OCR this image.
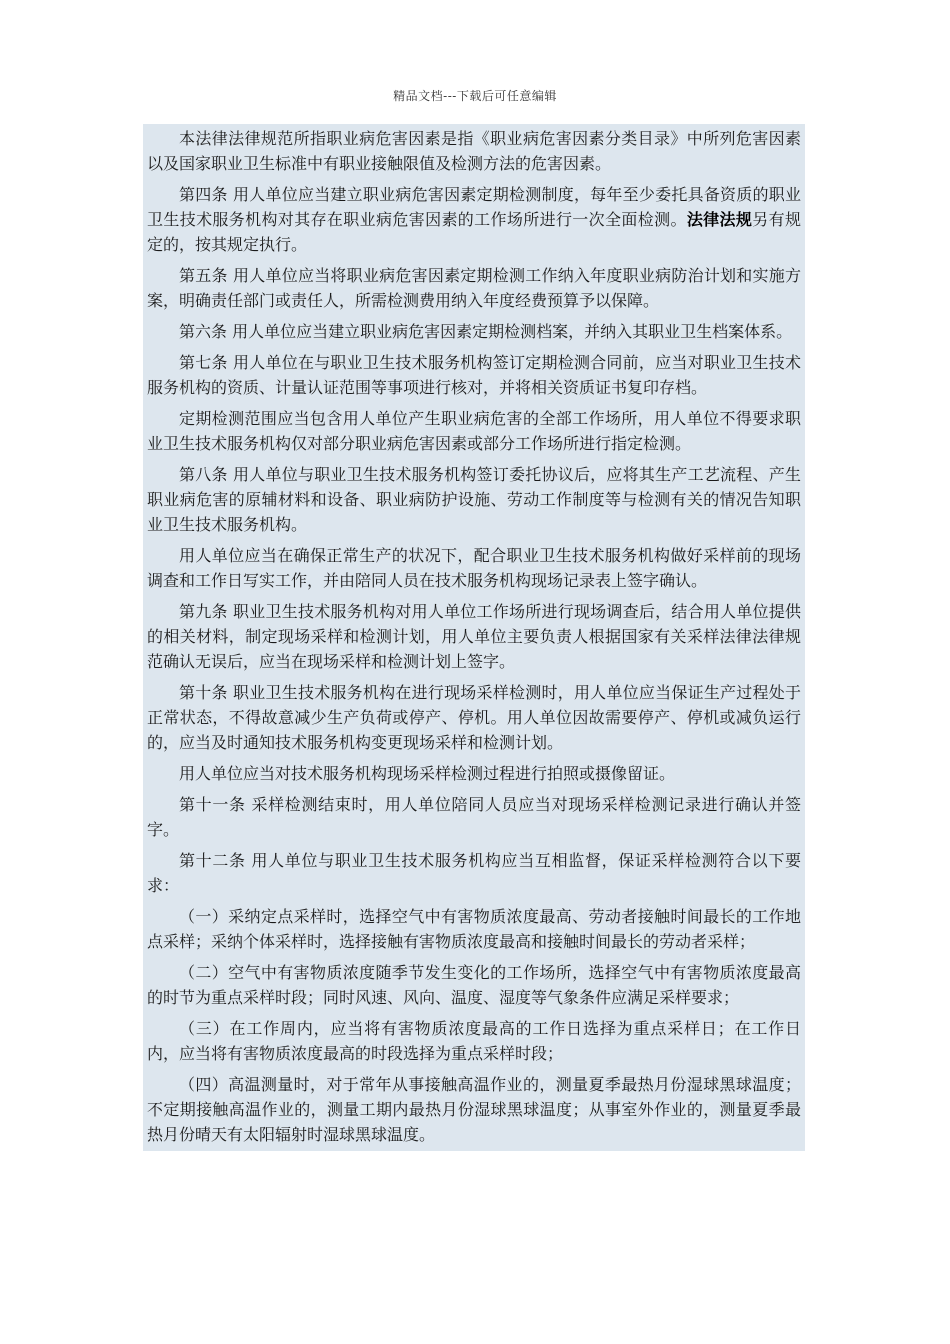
精品文档---下载后可任意编辑

本法律法律规范所指职业病危害因素是指《职业病危害因素分类目录》中所列危害因素以及国家职业卫生标准中有职业接触限值及检测方法的危害因素。

第四条 用人单位应当建立职业病危害因素定期检测制度，每年至少委托具备资质的职业卫生技术服务机构对其存在职业病危害因素的工作场所进行一次全面检测。法律法规另有规定的，按其规定执行。

第五条 用人单位应当将职业病危害因素定期检测工作纳入年度职业病防治计划和实施方案，明确责任部门或责任人，所需检测费用纳入年度经费预算予以保障。

第六条 用人单位应当建立职业病危害因素定期检测档案，并纳入其职业卫生档案体系。

第七条 用人单位在与职业卫生技术服务机构签订定期检测合同前，应当对职业卫生技术服务机构的资质、计量认证范围等事项进行核对，并将相关资质证书复印存档。

定期检测范围应当包含用人单位产生职业病危害的全部工作场所，用人单位不得要求职业卫生技术服务机构仅对部分职业病危害因素或部分工作场所进行指定检测。

第八条 用人单位与职业卫生技术服务机构签订委托协议后，应将其生产工艺流程、产生职业病危害的原辅材料和设备、职业病防护设施、劳动工作制度等与检测有关的情况告知职业卫生技术服务机构。

用人单位应当在确保正常生产的状况下，配合职业卫生技术服务机构做好采样前的现场调查和工作日写实工作，并由陪同人员在技术服务机构现场记录表上签字确认。

第九条 职业卫生技术服务机构对用人单位工作场所进行现场调查后，结合用人单位提供的相关材料，制定现场采样和检测计划，用人单位主要负责人根据国家有关采样法律法律规范确认无误后，应当在现场采样和检测计划上签字。

第十条 职业卫生技术服务机构在进行现场采样检测时，用人单位应当保证生产过程处于正常状态，不得故意减少生产负荷或停产、停机。用人单位因故需要停产、停机或减负运行的，应当及时通知技术服务机构变更现场采样和检测计划。

用人单位应当对技术服务机构现场采样检测过程进行拍照或摄像留证。

第十一条 采样检测结束时，用人单位陪同人员应当对现场采样检测记录进行确认并签字。

第十二条 用人单位与职业卫生技术服务机构应当互相监督，保证采样检测符合以下要求：

（一）采纳定点采样时，选择空气中有害物质浓度最高、劳动者接触时间最长的工作地点采样；采纳个体采样时，选择接触有害物质浓度最高和接触时间最长的劳动者采样；

（二）空气中有害物质浓度随季节发生变化的工作场所，选择空气中有害物质浓度最高的时节为重点采样时段；同时风速、风向、温度、湿度等气象条件应满足采样要求；

（三）在工作周内，应当将有害物质浓度最高的工作日选择为重点采样日；在工作日内，应当将有害物质浓度最高的时段选择为重点采样时段；

（四）高温测量时，对于常年从事接触高温作业的，测量夏季最热月份湿球黑球温度；不定期接触高温作业的，测量工期内最热月份湿球黑球温度；从事室外作业的，测量夏季最热月份晴天有太阳辐射时湿球黑球温度。
